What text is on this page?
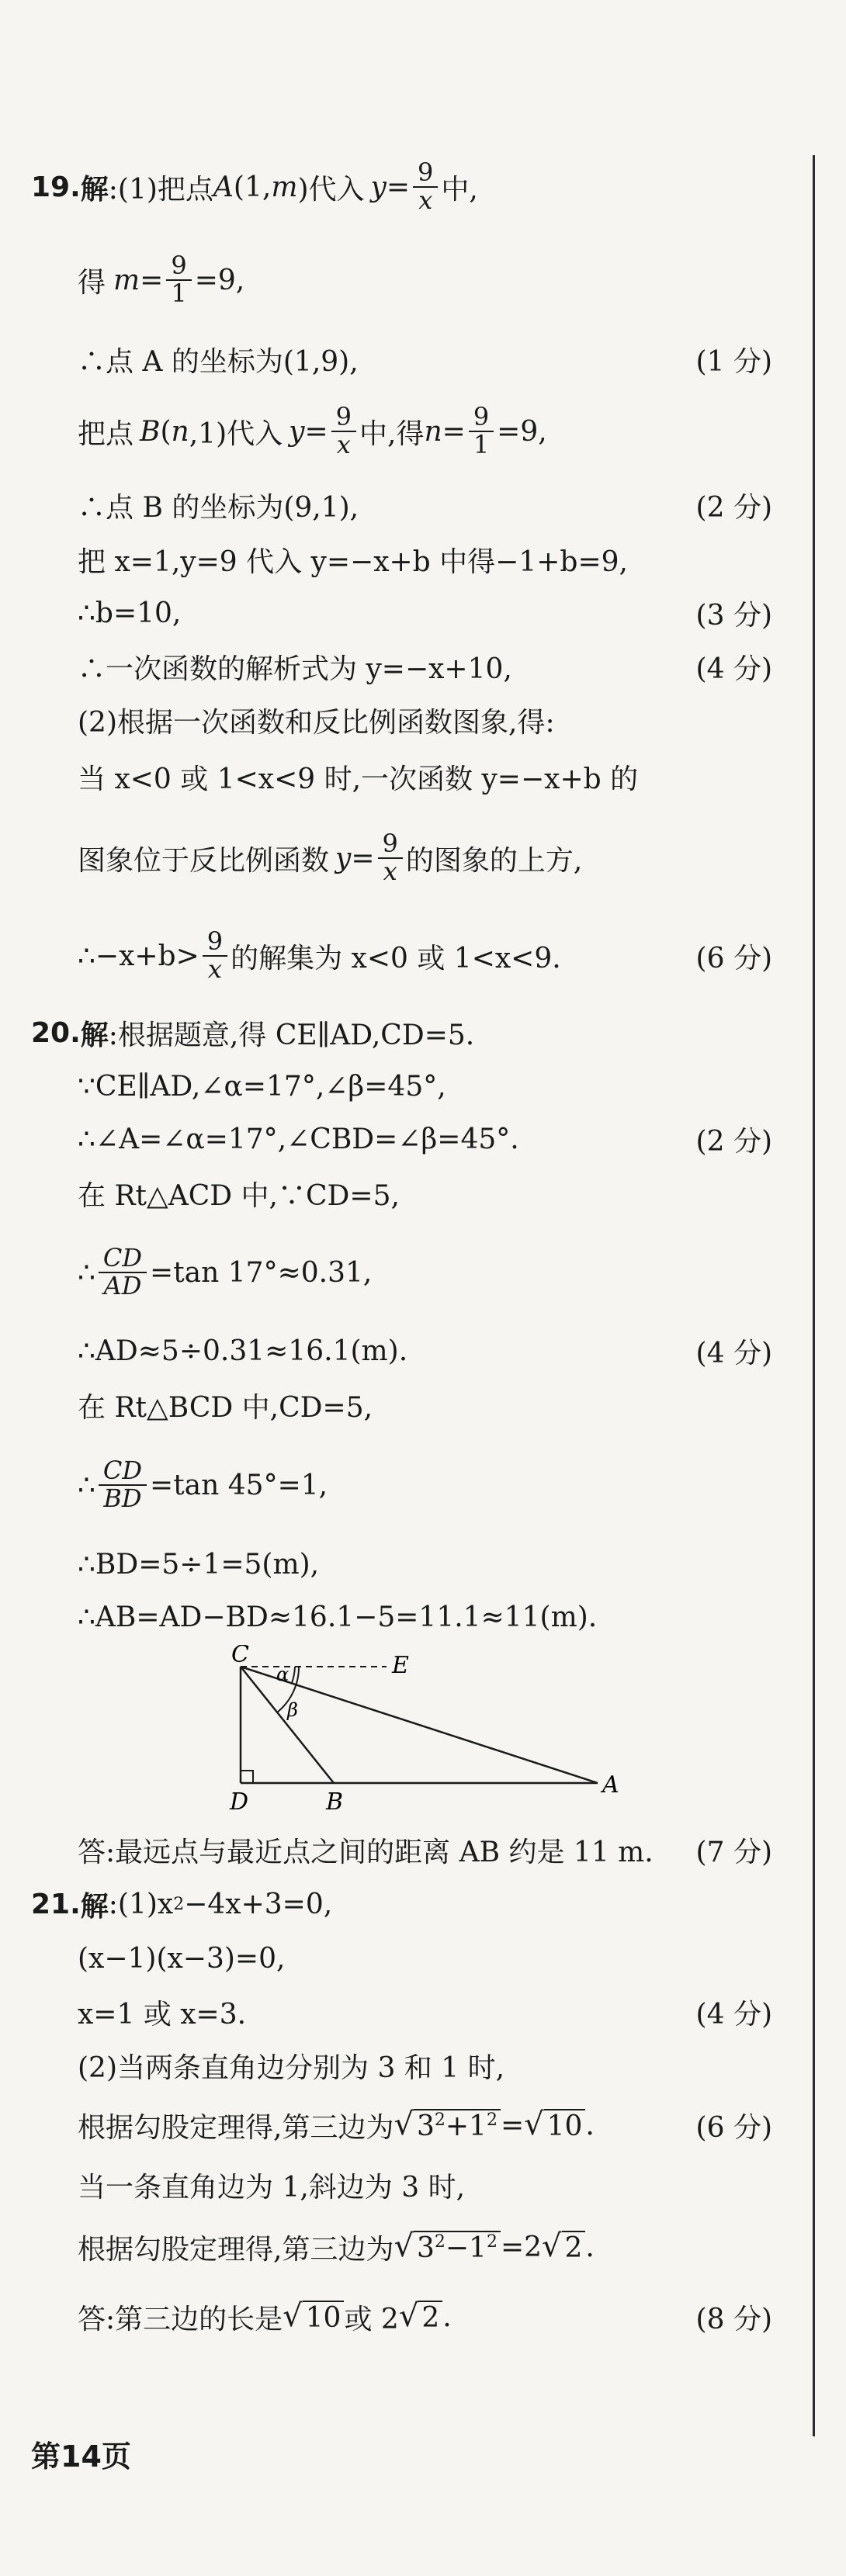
19. 解 :(1)把点 A (1, m )代入 $y = \frac{9}{x}$ 中,
得 $m = \frac{9}{1} =9$,
∴点 A 的坐标为(1,9),	(1 分)
把点 B ( n ,1)代入 $y = \frac{9}{x}$ 中,得 $n = \frac{9}{1} =9$,
∴点 B 的坐标为(9,1),	(2 分)
把 x=1,y=9 代入 y=−x+b 中得−1+b=9,
∴b=10,	(3 分)
∴一次函数的解析式为 y=−x+10,	(4 分)
(2)根据一次函数和反比例函数图象,得:
当 x<0 或 1<x<9 时,一次函数 y=−x+b 的
图象位于反比例函数 $y = \frac{9}{x}$ 的图象的上方,
∴−x+b> $\frac{9}{x}$ 的解集为 x<0 或 1<x<9.	(6 分)
20. 解 :根据题意,得 CE∥AD,CD=5.
∵CE∥AD,∠α=17°,∠β=45°,
∴∠A=∠α=17°,∠CBD=∠β=45°.	(2 分)
在 Rt△ACD 中,∵CD=5,
∴ $\frac{CD}{AD} =\tan$ 17°≈0.31,
∴AD≈5÷0.31≈16.1(m).	(4 分)
在 Rt△BCD 中,CD=5,
∴ $\frac{CD}{BD} =\tan$ 45°=1,
∴BD=5÷1=5(m),
∴AB=AD−BD≈16.1−5=11.1≈11(m).
C	E
D	B
A
α
β
答:最远点与最近点之间的距离 AB 约是 11 m. (7 分)
21. 解 :(1)x 2 −4x+3=0,
(x−1)(x−3)=0,
x=1 或 x=3.	(4 分)
(2)当两条直角边分别为 3 和 1 时,
根据勾股定理得,第三边为 √ $3^2+1^2$ = √ 10 .	(6 分)
当一条直角边为 1,斜边为 3 时,
根据勾股定理得,第三边为 √ $3^2-1^2 =2$ √ 2 .
答:第三边的长是 √ 10 或 2 √ 2 .	(8 分)
第14页
